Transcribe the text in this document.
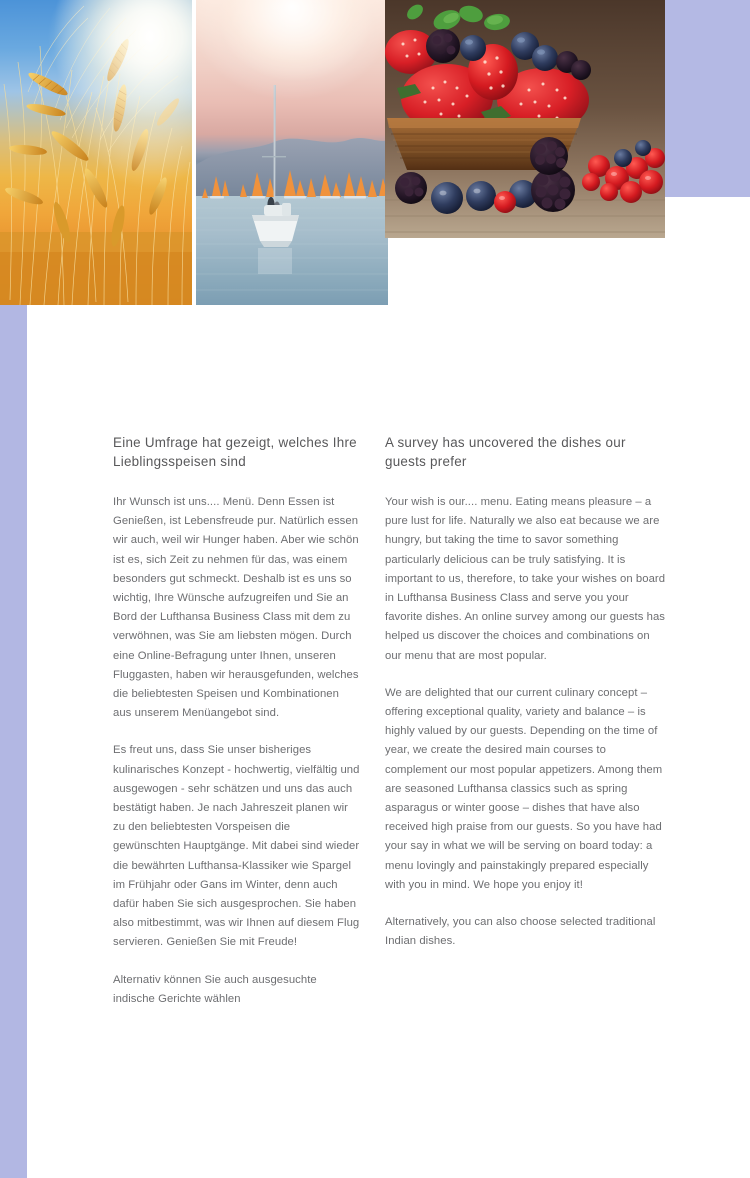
Eine Umfrage hat gezeigt, welches Ihre Lieblingsspeisen sind

Ihr Wunsch ist uns.... Menü. Denn Essen ist Genießen, ist Lebensfreude pur. Natürlich essen wir auch, weil wir Hunger haben. Aber wie schön ist es, sich Zeit zu nehmen für das, was einem besonders gut schmeckt. Deshalb ist es uns so wichtig, Ihre Wünsche aufzugreifen und Sie an Bord der Lufthansa Business Class mit dem zu verwöhnen, was Sie am liebsten mögen. Durch eine Online-Befragung unter Ihnen, unseren Fluggasten, haben wir herausgefunden, welches die beliebtesten Speisen und Kombinationen aus unserem Menüangebot sind.

Es freut uns, dass Sie unser bisheriges kulinarisches Konzept - hochwertig, vielfältig und ausgewogen - sehr schätzen und uns das auch bestätigt haben. Je nach Jahreszeit planen wir zu den beliebtesten Vorspeisen die gewünschten Hauptgänge. Mit dabei sind wieder die bewährten Lufthansa-Klassiker wie Spargel im Frühjahr oder Gans im Winter, denn auch dafür haben Sie sich ausgesprochen. Sie haben also mitbestimmt, was wir Ihnen auf diesem Flug servieren. Genießen Sie mit Freude!

Alternativ können Sie auch ausgesuchte indische Gerichte wählen

A survey has uncovered the dishes our guests prefer

Your wish is our.... menu. Eating means pleasure – a pure lust for life. Naturally we also eat because we are hungry, but taking the time to savor something particularly delicious can be truly satisfying. It is important to us, therefore, to take your wishes on board in Lufthansa Business Class and serve you your favorite dishes. An online survey among our guests has helped us discover the choices and combinations on our menu that are most popular.

We are delighted that our current culinary concept – offering exceptional quality, variety and balance – is highly valued by our guests. Depending on the time of year, we create the desired main courses to complement our most popular appetizers. Among them are seasoned Lufthansa classics such as spring asparagus or winter goose – dishes that have also received high praise from our guests. So you have had your say in what we will be serving on board today: a menu lovingly and painstakingly prepared especially with you in mind. We hope you enjoy it!

Alternatively, you can also choose selected traditional Indian dishes.
